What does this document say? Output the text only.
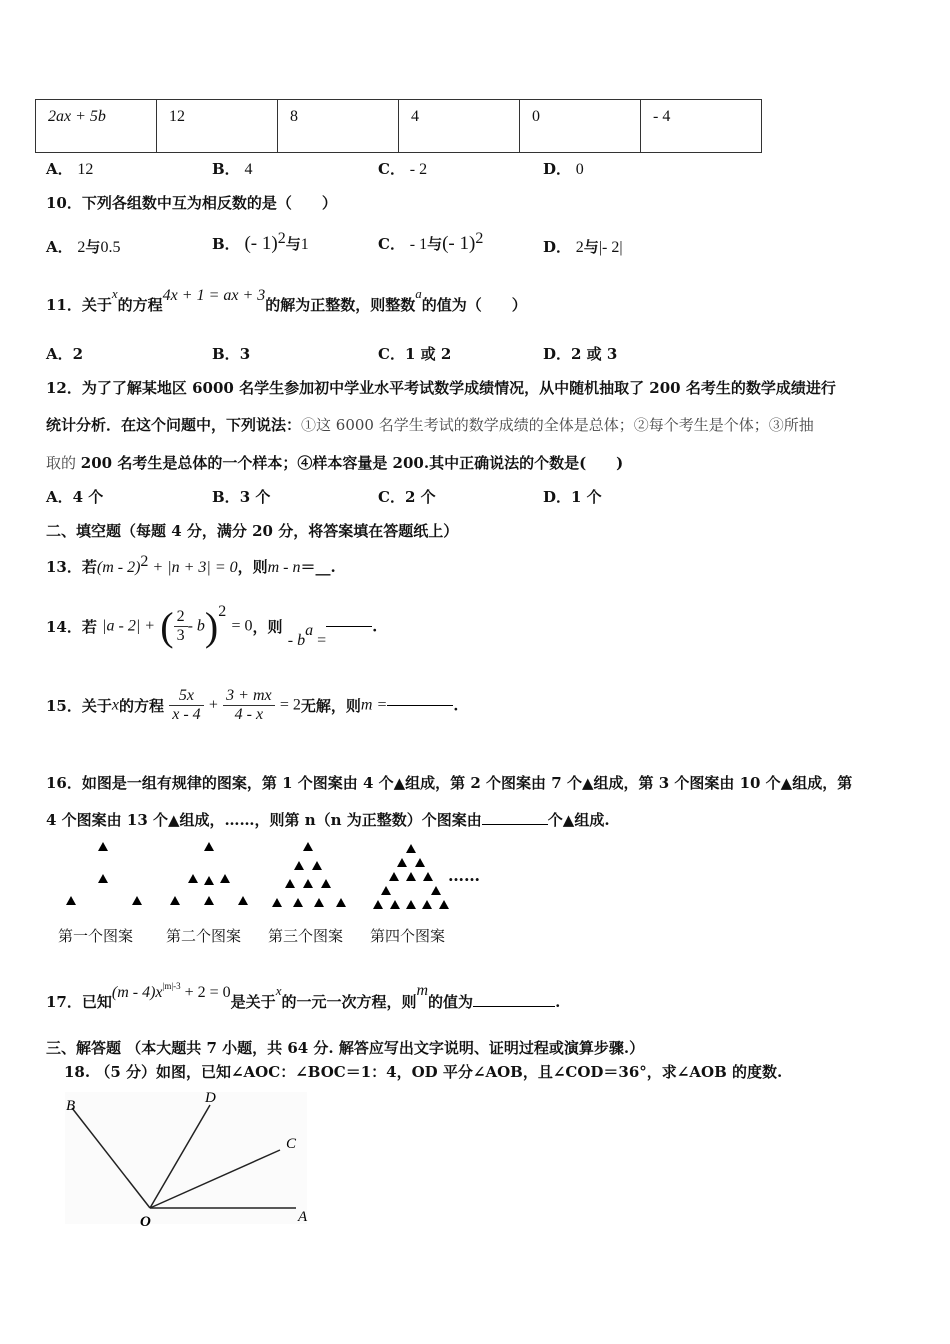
2ax + 5b	12	8	4	0	- 4
A． 12	B． 4	C． - 2	D． 0
10．下列各组数中互为相反数的是（　　）
A． 2与0.5	B． (- 1)$^2$与1	C． - 1与(- 1)$^2$	D． 2与|- 2|
11．关于$^x$的方程4x + 1 = ax + 3的解为正整数，则整数$^a$的值为（　　）
A．2	B．3	C．1 或 2	D．2 或 3
12．为了了解某地区 6000 名学生参加初中学业水平考试数学成绩情况，从中随机抽取了 200 名考生的数学成绩进行
统计分析．在这个问题中，下列说法：①这 6000 名学生考试的数学成绩的全体是总体；②每个考生是个体；③所抽
取的 200 名考生是总体的一个样本；④样本容量是 200.其中正确说法的个数是(　　)
A．4 个	B．3 个	C．2 个	D．1 个
二、填空题（每题 4 分，满分 20 分，将答案填在答题纸上）
13．若(m - 2)$^2$ + |n + 3| = 0，则m - n＝__.
14．若 |a - 2| + ( $\frac{2}{3} - b)^2 = 0$，则 - $b^a$ =.
15．关于x的方程 $\frac{5x}{x - 4} + \frac{3 + mx}{4 - x} = 2$无解，则m =	.
16．如图是一组有规律的图案，第 1 个图案由 4 个▲组成，第 2 个图案由 7 个▲组成，第 3 个图案由 10 个▲组成，第
4 个图案由 13 个▲组成，……，则第 n（n 为正整数）个图案由	个▲组成.
……
第一个图案 第二个图案 第三个图案 第四个图案
17．已知$(m - 4)x^{|m|-3} + 2 = 0$是关于$^x$的一元一次方程，则$^m$的值为	.
三、解答题 （本大题共 7 小题，共 64 分. 解答应写出文字说明、证明过程或演算步骤.）
18. （5 分）如图，已知∠AOC：∠BOC＝1：4，OD 平分∠AOB，且∠COD＝36°，求∠AOB 的度数.
B	D
C
O	A
